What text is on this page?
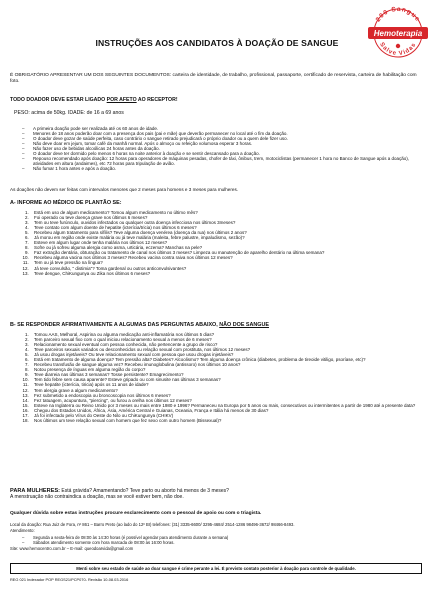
200 Sangue
Hemoterapia
Salve Vidas
INSTRUÇÕES AOS CANDIDATOS À DOAÇÃO DE SANGUE
É OBRIGATÓRIO APRESENTAR UM DOS SEGUINTES DOCUMENTOS: carteira de identidade, de trabalho, profissional, passaporte, certificado de reservista, carteira de habilitação com foto.
TODO DOADOR DEVE ESTAR LIGADO POR AFETO AO RECEPTOR!
PESO: acima de 50kg. IDADE: de 16 a 69 anos
– A primeira doação pode ser realizada até os 60 anos de idade.
– Menores de 18 anos poderão doar com a presença dos pais (pai e mãe) que deverão permanecer no local até o fim da doação.
– O doador deve gozar de saúde perfeita, caso contrário o sangue retirado prejudicará o próprio doador ou a quem dele fizer uso.
– Não deve doar em jejum, tomar café da manhã normal. Após o almoço ou refeição volumosa esperar 3 horas.
– Não fazer uso de bebidas alcoólicas 24 horas antes da doação.
– O doador deve ter dormido pelo menos 6 horas na noite anterior à doação e se sentir descansado para a doação.
– Repouso recomendado após doação: 12 horas para operadores de máquinas pesadas, chofer de táxi, ônibus, trem, motociclistas (permanecer 1 hora no Banco de Sangue após a doação), atividades em altura (andaimes), etc 72 horas para tripulação de avião.
– Não fumar 1 hora antes e após a doação.
As doações não devem ser feitas com intervalos menores que 2 meses para homens e 3 meses para mulheres.
A- INFORME AO MÉDICO DE PLANTÃO SE:
1. Está em uso de algum medicamento? Tomou algum medicamento no último mês?
2. Foi operado ou teve doença grave nos últimos 6 meses?
3. Tem ou teve furúnculo, ouvidos infectados ou qualquer outra doença infecciosa nos últimos 3meses?
4. Teve contato com algum doente de hepatite (icterícia/tricia) nos últimos 6 meses?
5. Recebeu algum tratamento para sífilis? Teve alguma doença venérea (doença da rua) nos últimos 2 anos?
6. Já morou em região onde existe malária ou já teve malária (maleita, febre palustre, impaludismo, sezão)?
7. Esteve em algum lugar onde tenha malária nos últimos 12 meses?
8. Sofre ou já sofreu alguma alergia como asma, urticária, eczema? Manchas na pele?
9. Faz extração dentária, obturação ou tratamento de canal nos últimos 3 meses? Limpeza ou manutenção de aparelho dentário na última semana?
10. Recebeu alguma vacina nos últimos 3 meses? Recebeu vacina contra raiva nos últimos 12 meses?
11. Tem ou já teve pressão na língua?
12. Já teve convulsão, " distimia"? Toma gardenal ou outros anticonvulsivantes?
13. Teve dengue, ChiKungunya ou Zika nos últimos 6 meses?
B- SE RESPONDER AFIRMATIVAMENTE A ALGUMAS DAS PERGUNTAS ABAIXO, NÃO DOE SANGUE
1. Tomou AAS, Melhoral, Aspirina ou alguma medicação anti-inflamatória nos últimos 5 dias?
2. Tem parceiro sexual fixo com o qual iniciou relacionamento sexual a menos de 6 meses?
3. Relacionamento sexual eventual com pessoa conhecida, não pertencente a grupo de risco?
4. Teve parceiros sexuais variados ou desconhecidos ou relação sexual com prostituta, nos últimos 12 meses?
5. Já usou drogas injetáveis? Ou teve relacionamento sexual com pessoa que usou drogas injetáveis?
6. Está em tratamento de alguma doença? Tem pressão alta? Diabetes? Alcoolismo? Tem alguma doença crônica (diabetes, problema de tireoide vitiligo, psoríase, etc)?
7. Recebeu transfusão de sangue alguma vez? Recebeu imunoglobulina (antissoro) nos últimos 10 anos?
8. Notou presença de ínguas em alguma região do corpo?
9. Teve diarreia nas últimas 3 semanas? Tosse persistente? Emagrecimento?
10. Tem tido febre sem causa aparente? Esteve gripado ou com sinusite nas últimas 3 semanas?
11. Teve hepatite (icterícia, tiricia) após os 11 anos de idade?
12. Tem alergia grave a algum medicamento?
13. Fez submetido a endoscopia ou broncoscopia nos últimos 6 meses?
14. Fez tatuagem, acupuntura, "piercing", ou furou a orelha nos últimos 12 meses?
15. Esteve na Inglaterra ou Reino Unido por 3 meses ou mais entre 1980 e 1996? Permaneceu na Europa por 5 anos ou mais, consecutivos ou intermitentes a partir de 1980 até a presente data?
16. Chegou dos Estados Unidos, África, Ásia, América Central e Guianas, Oceania, França e Itália há menos de 30 dias?
17. Já foi infectado pelo Vírus do Oeste do Nilo ou ChiKungunya (CHIKV)
18. Nos últimos um teve relação sexual com homem que fez sexo com outro homem (Bissexual)?
PARA MULHERES: Está grávida? Amamentando? Teve parto ou aborto há menos de 3 meses?
A menstruação não contraindica a doação, mas se você estiver bem, não doe.
Qualquer dúvida sobre estas instruções procure esclarecimento com o pessoal de apoio ou com o triagista.
Local da doação: Rua Juiz de Fora, nº 861 – Barro Preto (ao lado do 12º BI) telefones: (31) 3335-6600/ 3295-4684/ 2514-1286 98496-3672/ 98466-8493.
Atendimento:
– Segunda a sexta-feira de 08:00 às 14:30 horas (é possível agendar para atendimento durante a semana)
– Sábados atendimento somente com hora marcada de 08:00 às 16:00 horas.
Site: www.hemocentro.com.br – E-mail: queodoarvida@gmail.com
Menti sobre seu estado de saúde ao doar sangue é crime perante a lei. É previsto contato posterior à doação para controle de qualidade.
REG 021 Indexador POP REGS21/PCP070- Revisão 10-08.03.2016
